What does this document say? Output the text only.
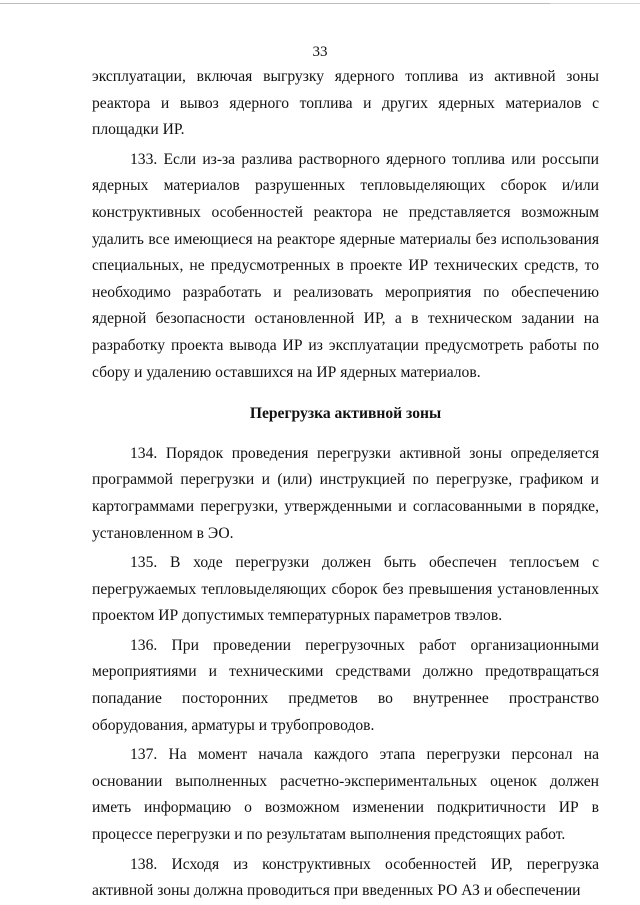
33

эксплуатации, включая выгрузку ядерного топлива из активной зоны реактора и вывоз ядерного топлива и других ядерных материалов с площадки ИР.

133. Если из-за разлива растворного ядерного топлива или россыпи ядерных материалов разрушенных тепловыделяющих сборок и/или конструктивных особенностей реактора не представляется возможным удалить все имеющиеся на реакторе ядерные материалы без использования специальных, не предусмотренных в проекте ИР технических средств, то необходимо разработать и реализовать мероприятия по обеспечению ядерной безопасности остановленной ИР, а в техническом задании на разработку проекта вывода ИР из эксплуатации предусмотреть работы по сбору и удалению оставшихся на ИР ядерных материалов.

Перегрузка активной зоны

134. Порядок проведения перегрузки активной зоны определяется программой перегрузки и (или) инструкцией по перегрузке, графиком и картограммами перегрузки, утвержденными и согласованными в порядке, установленном в ЭО.

135. В ходе перегрузки должен быть обеспечен теплосъем с перегружаемых тепловыделяющих сборок без превышения установленных проектом ИР допустимых температурных параметров твэлов.

136. При проведении перегрузочных работ организационными мероприятиями и техническими средствами должно предотвращаться попадание посторонних предметов во внутреннее пространство оборудования, арматуры и трубопроводов.

137. На момент начала каждого этапа перегрузки персонал на основании выполненных расчетно-экспериментальных оценок должен иметь информацию о возможном изменении подкритичности ИР в процессе перегрузки и по результатам выполнения предстоящих работ.

138. Исходя из конструктивных особенностей ИР, перегрузка активной зоны должна проводиться при введенных РО АЗ и обеспечении
